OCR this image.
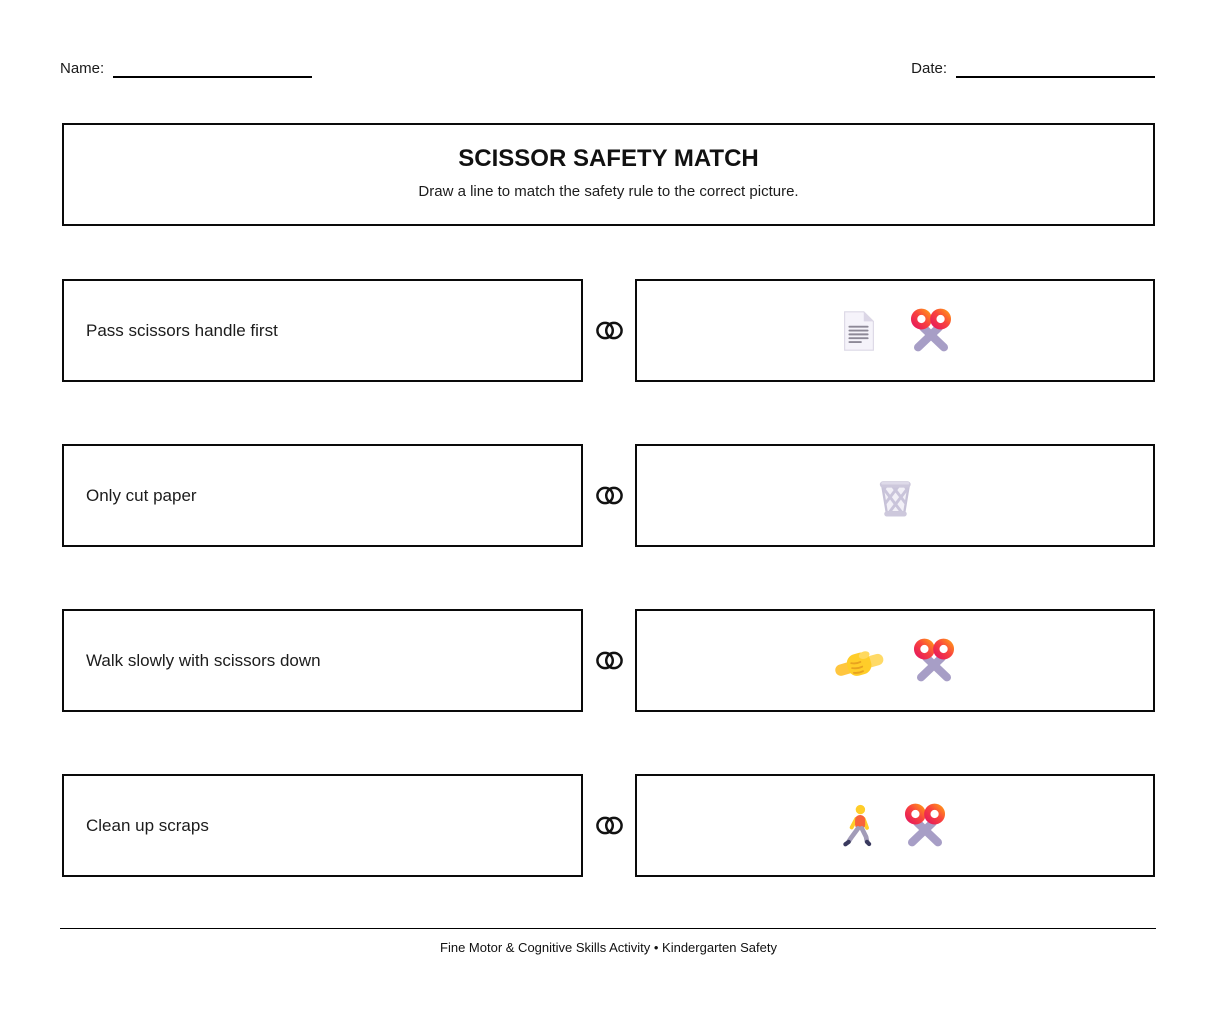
Name:	Date:
SCISSOR SAFETY MATCH
Draw a line to match the safety rule to the correct picture.
Pass scissors handle first
Only cut paper
Walk slowly with scissors down
Clean up scraps
Fine Motor & Cognitive Skills Activity • Kindergarten Safety
